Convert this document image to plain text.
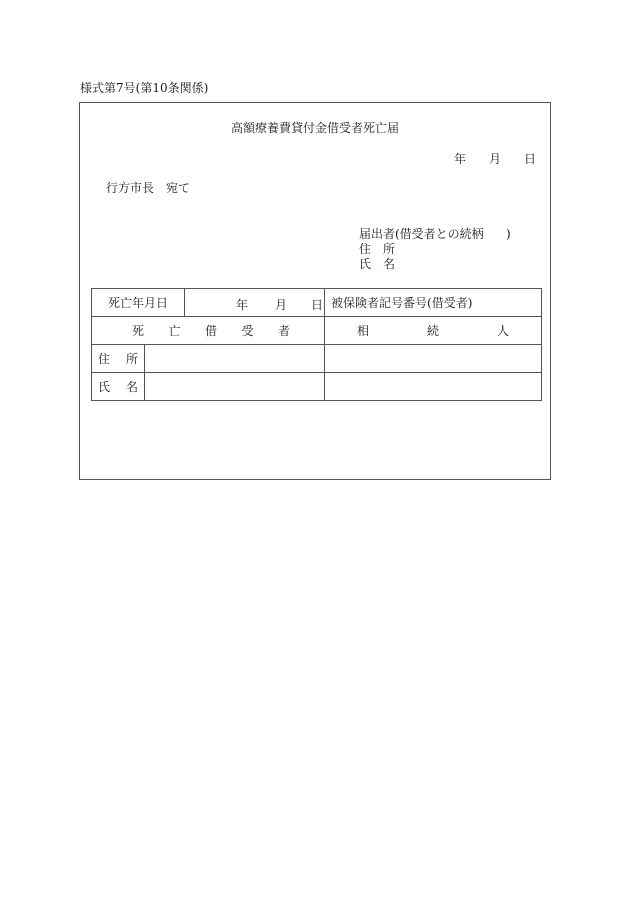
様式第7号(第10条関係)
高額療養費貸付金借受者死亡届
年 月 日
行方市長　宛て
届出者(借受者との続柄 )
住 所
氏 名
死亡年月日		年 月 日	被保険者記号番号(借受者)

死 亡 借 受 者			相 続 人

住 所			

氏 名			
